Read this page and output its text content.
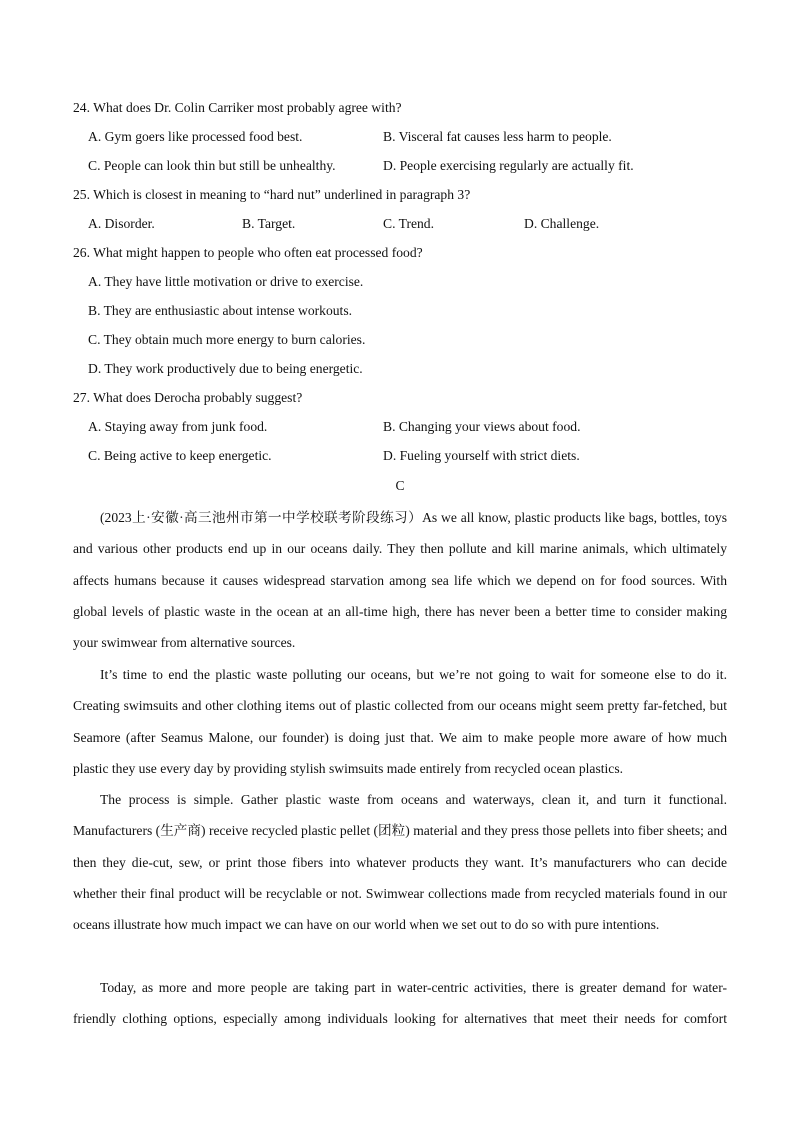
24. What does Dr. Colin Carriker most probably agree with?
A. Gym goers like processed food best.	B. Visceral fat causes less harm to people.
C. People can look thin but still be unhealthy.	D. People exercising regularly are actually fit.
25. Which is closest in meaning to “hard nut” underlined in paragraph 3?
A. Disorder.	B. Target.	C. Trend.	D. Challenge.
26. What might happen to people who often eat processed food?
A. They have little motivation or drive to exercise.
B. They are enthusiastic about intense workouts.
C. They obtain much more energy to burn calories.
D. They work productively due to being energetic.
27. What does Derocha probably suggest?
A. Staying away from junk food.	B. Changing your views about food.
C. Being active to keep energetic.	D. Fueling yourself with strict diets.
C

(2023上·安徽·高三池州市第一中学校联考阶段练习）As we all know, plastic products like bags, bottles, toys and various other products end up in our oceans daily. They then pollute and kill marine animals, which ultimately affects humans because it causes widespread starvation among sea life which we depend on for food sources. With global levels of plastic waste in the ocean at an all-time high, there has never been a better time to consider making your swimwear from alternative sources.

It’s time to end the plastic waste polluting our oceans, but we’re not going to wait for someone else to do it. Creating swimsuits and other clothing items out of plastic collected from our oceans might seem pretty far-fetched, but Seamore (after Seamus Malone, our founder) is doing just that. We aim to make people more aware of how much plastic they use every day by providing stylish swimsuits made entirely from recycled ocean plastics.

The process is simple. Gather plastic waste from oceans and waterways, clean it, and turn it functional. Manufacturers (生产商) receive recycled plastic pellet (团粒) material and they press those pellets into fiber sheets; and then they die-cut, sew, or print those fibers into whatever products they want. It’s manufacturers who can decide whether their final product will be recyclable or not. Swimwear collections made from recycled materials found in our oceans illustrate how much impact we can have on our world when we set out to do so with pure intentions.

Today, as more and more people are taking part in water-centric activities, there is greater demand for water-friendly clothing options, especially among individuals looking for alternatives that meet their needs for comfort
